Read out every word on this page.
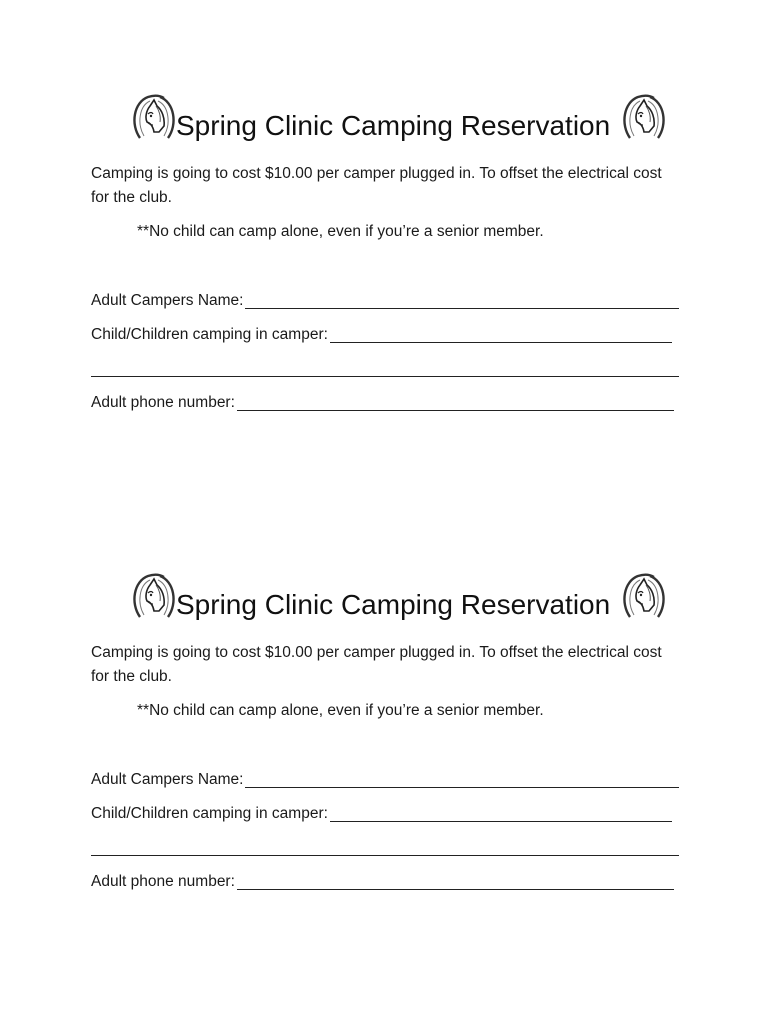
Spring Clinic Camping Reservation
Camping is going to cost $10.00 per camper plugged in. To offset the electrical cost for the club.
**No child can camp alone, even if you’re a senior member.
Adult Campers Name:
Child/Children camping in camper:
Adult phone number:
Spring Clinic Camping Reservation
Camping is going to cost $10.00 per camper plugged in. To offset the electrical cost for the club.
**No child can camp alone, even if you’re a senior member.
Adult Campers Name:
Child/Children camping in camper:
Adult phone number:
